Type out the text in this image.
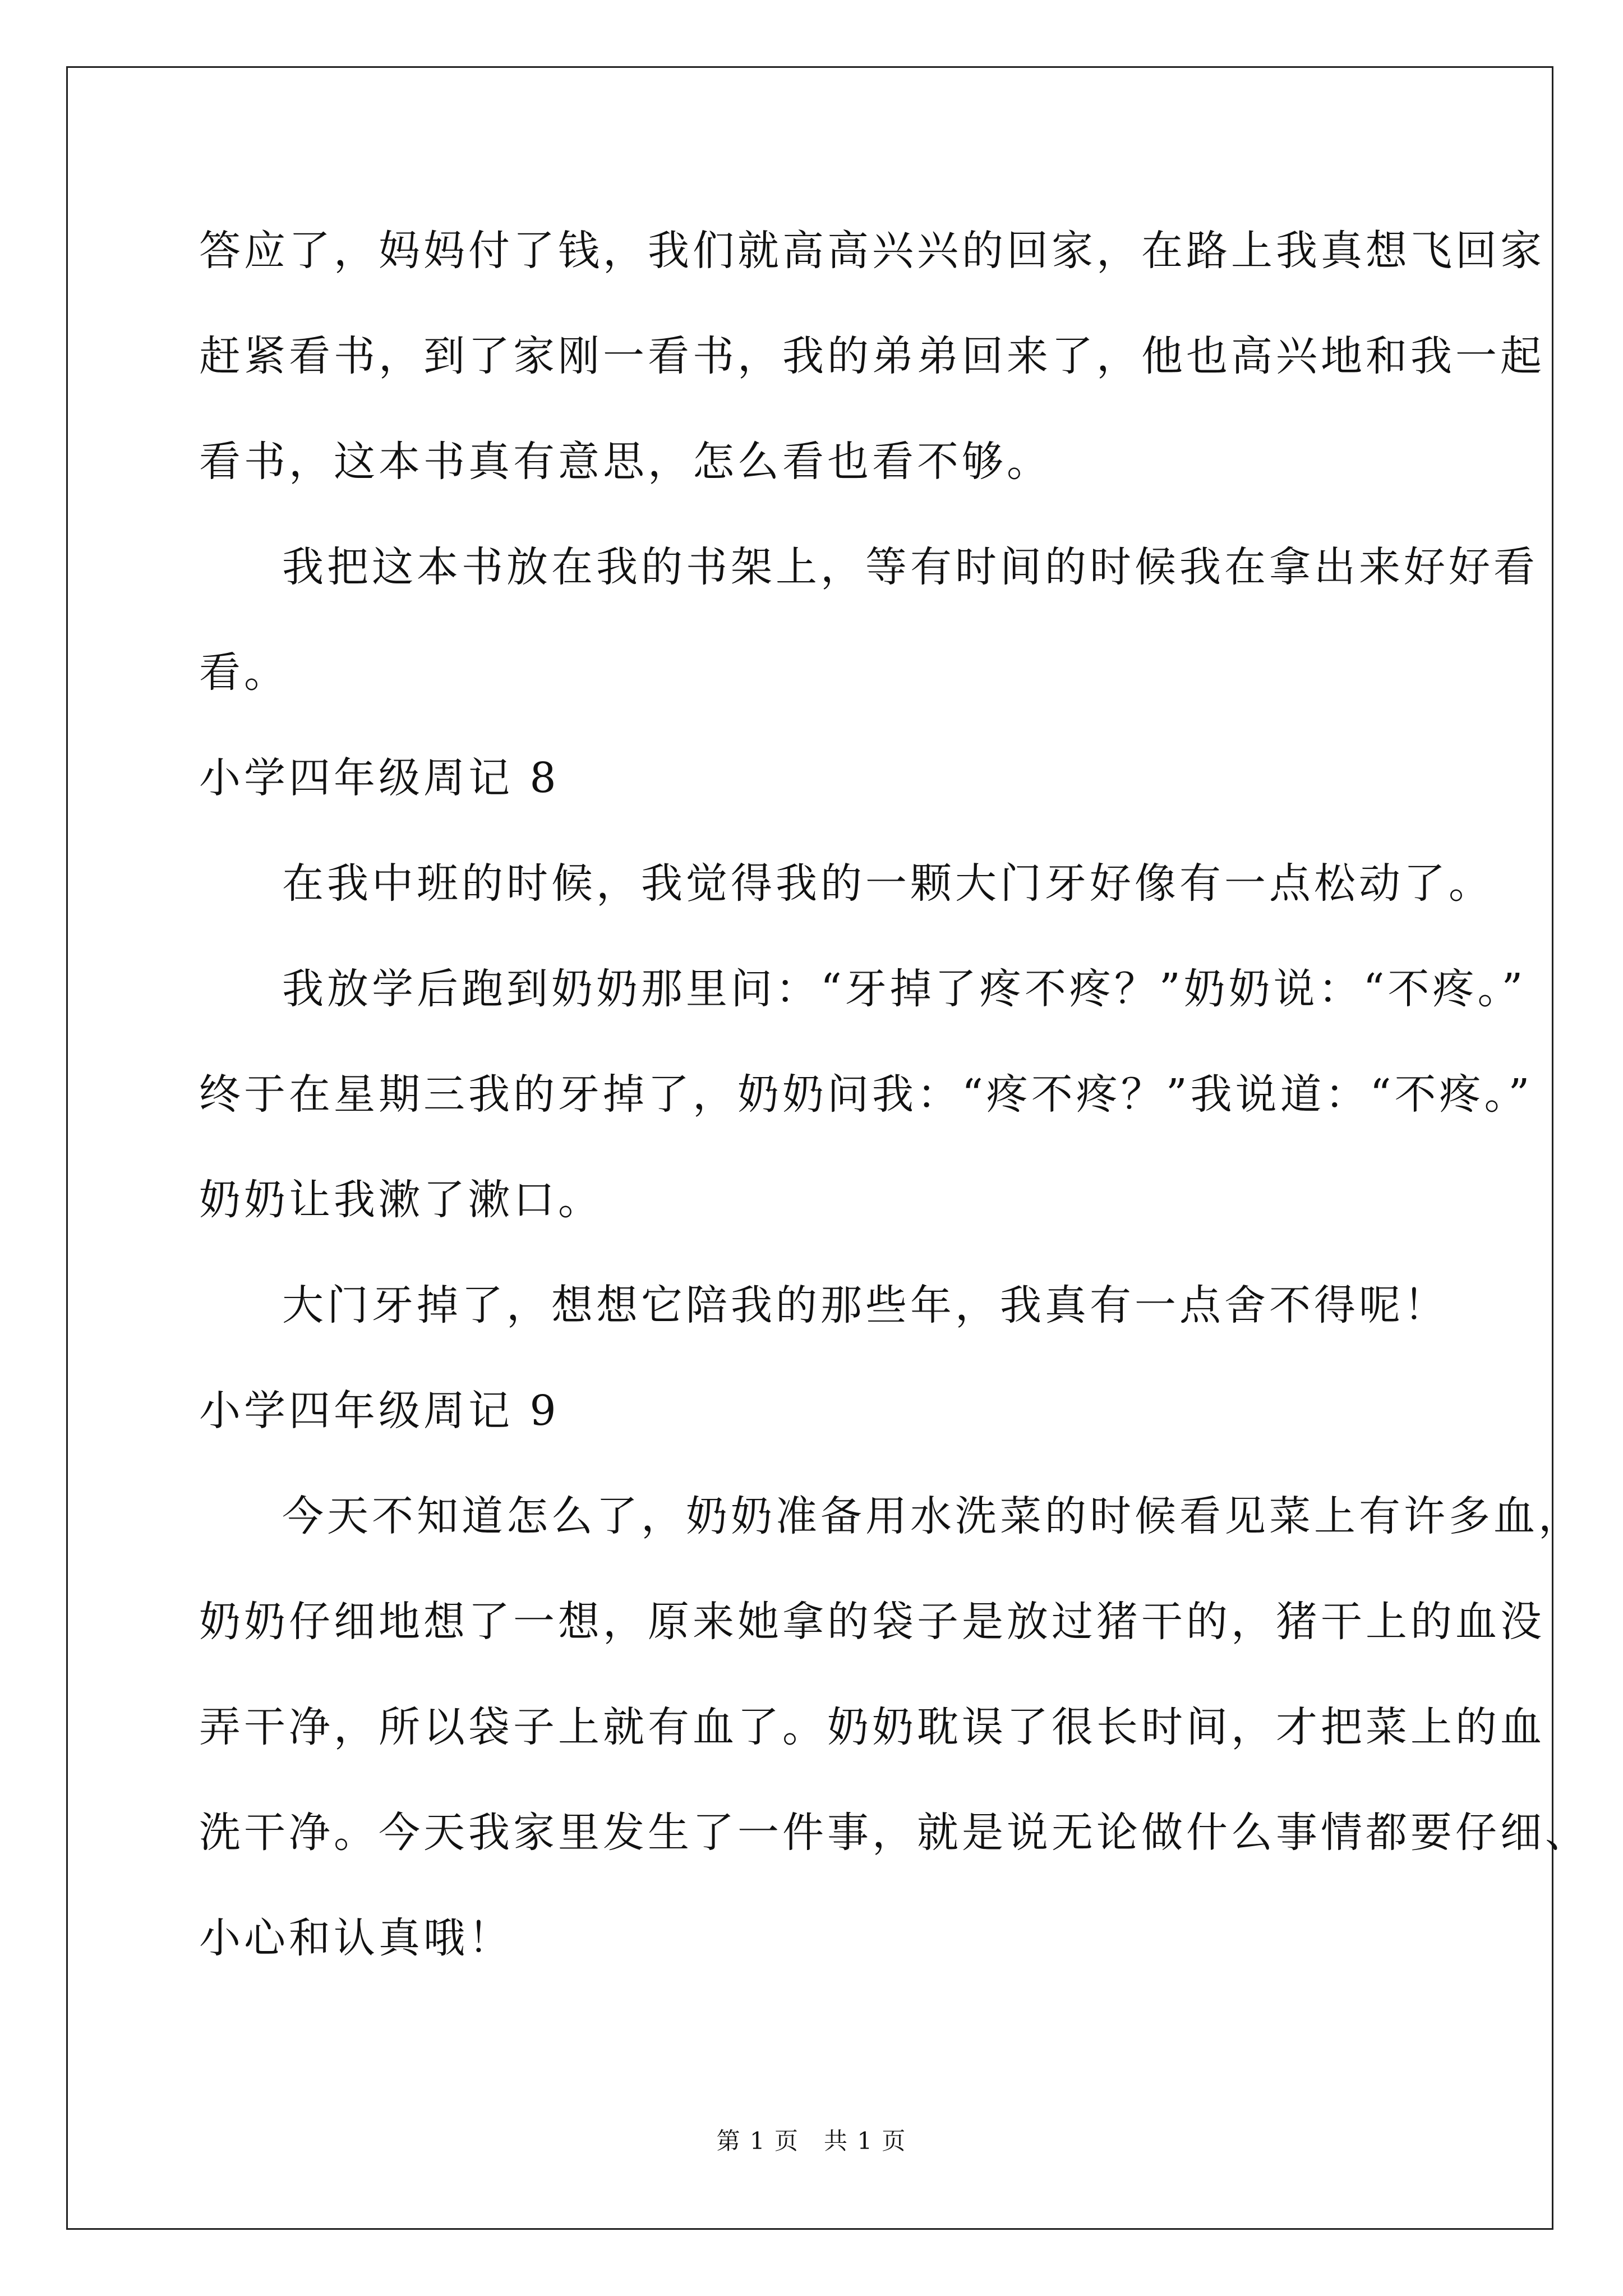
答应了，妈妈付了钱，我们就高高兴兴的回家，在路上我真想飞回家
赶紧看书，到了家刚一看书，我的弟弟回来了，他也高兴地和我一起
看书，这本书真有意思，怎么看也看不够。
我把这本书放在我的书架上，等有时间的时候我在拿出来好好看
看。
小学四年级周记 8
在我中班的时候，我觉得我的一颗大门牙好像有一点松动了。
我放学后跑到奶奶那里问：“牙掉了疼不疼？”奶奶说：“不疼。”
终于在星期三我的牙掉了，奶奶问我：“疼不疼？”我说道：“不疼。”
奶奶让我漱了漱口。
大门牙掉了，想想它陪我的那些年，我真有一点舍不得呢！
小学四年级周记 9
今天不知道怎么了，奶奶准备用水洗菜的时候看见菜上有许多血，
奶奶仔细地想了一想，原来她拿的袋子是放过猪干的，猪干上的血没
弄干净，所以袋子上就有血了。奶奶耽误了很长时间，才把菜上的血
洗干净。今天我家里发生了一件事，就是说无论做什么事情都要仔细、
小心和认真哦！
第 1 页　共 1 页
